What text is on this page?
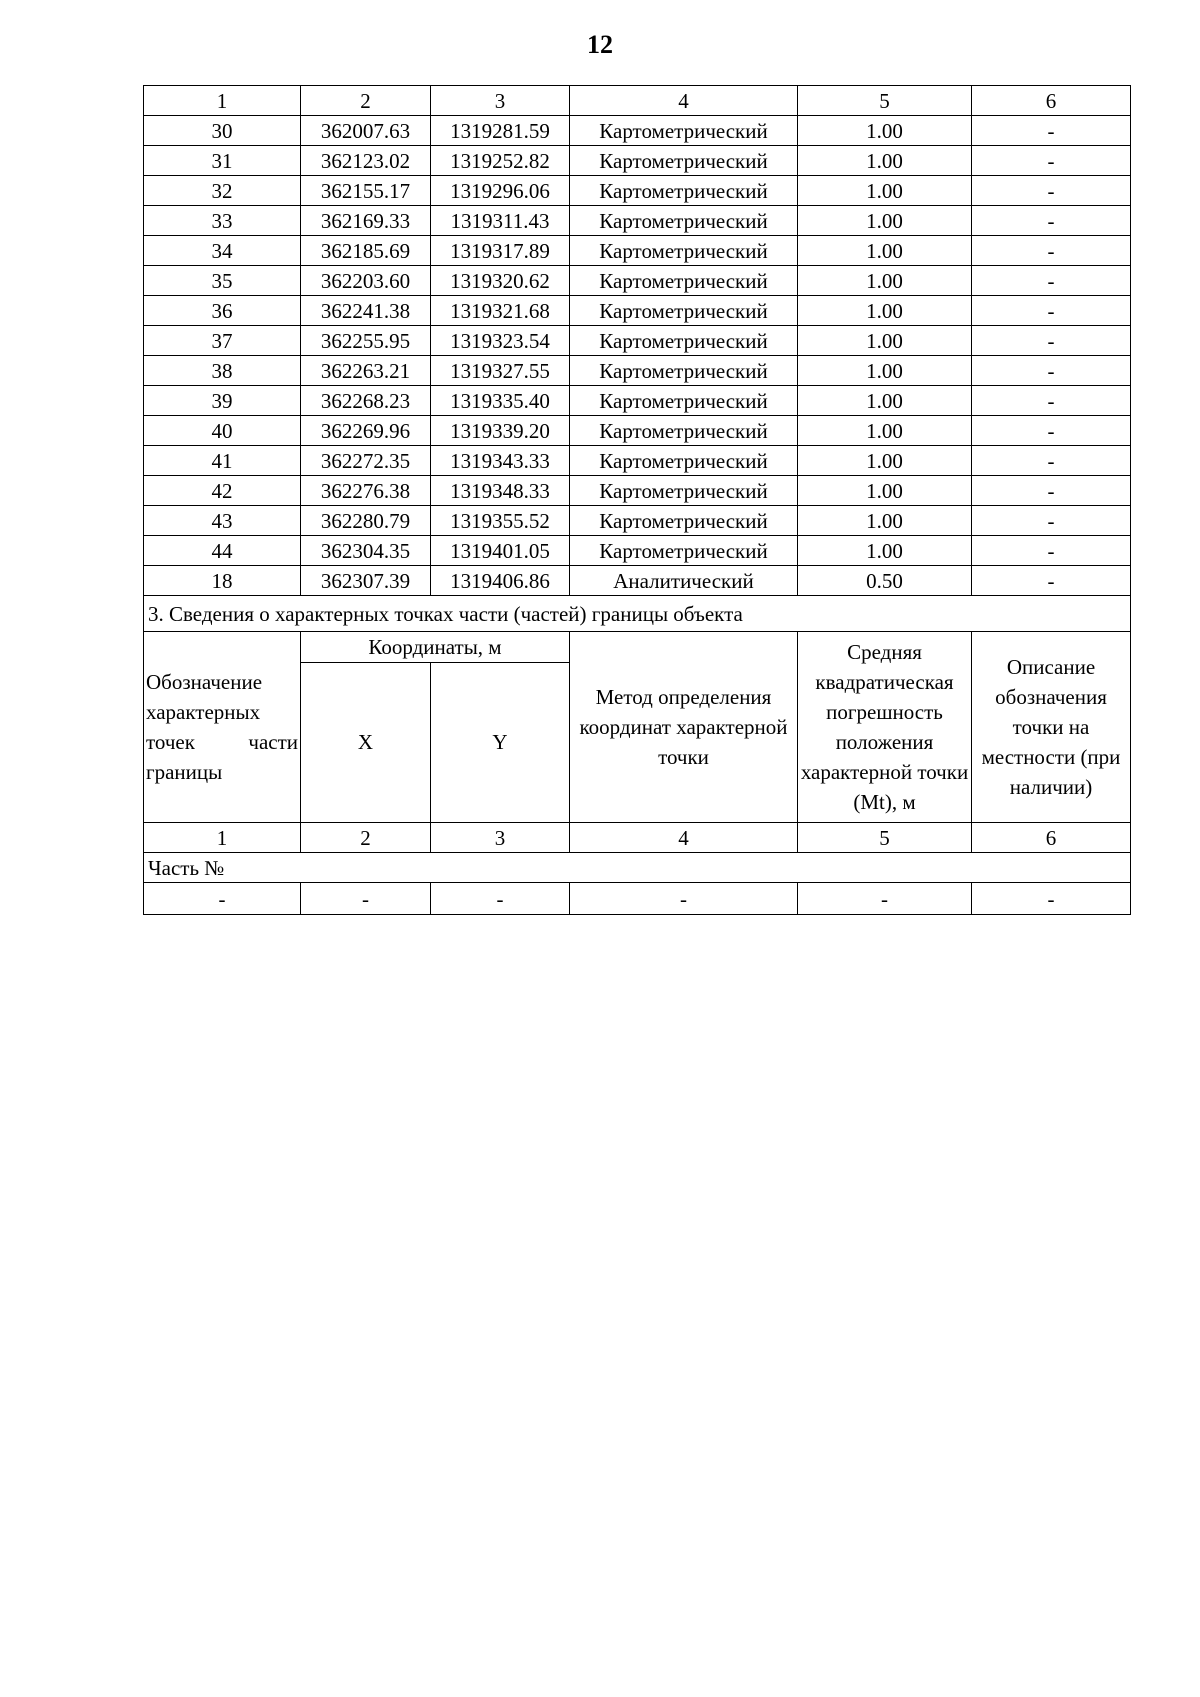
12
1	2	3	4	5	6
30	362007.63	1319281.59	Картометрический	1.00	-
31	362123.02	1319252.82	Картометрический	1.00	-
32	362155.17	1319296.06	Картометрический	1.00	-
33	362169.33	1319311.43	Картометрический	1.00	-
34	362185.69	1319317.89	Картометрический	1.00	-
35	362203.60	1319320.62	Картометрический	1.00	-
36	362241.38	1319321.68	Картометрический	1.00	-
37	362255.95	1319323.54	Картометрический	1.00	-
38	362263.21	1319327.55	Картометрический	1.00	-
39	362268.23	1319335.40	Картометрический	1.00	-
40	362269.96	1319339.20	Картометрический	1.00	-
41	362272.35	1319343.33	Картометрический	1.00	-
42	362276.38	1319348.33	Картометрический	1.00	-
43	362280.79	1319355.52	Картометрический	1.00	-
44	362304.35	1319401.05	Картометрический	1.00	-
18	362307.39	1319406.86	Аналитический	0.50	-
3. Сведения о характерных точках части (частей) границы объекта					
Обозначение характерных точек части границы	Координаты, м		Метод определения координат характерной точки	Средняя квадратическая погрешность положения характерной точки (Mt), м	Описание обозначения точки на местности (при наличии)
	X	Y			
1	2	3	4	5	6
Часть №					
-	-	-	-	-	-
